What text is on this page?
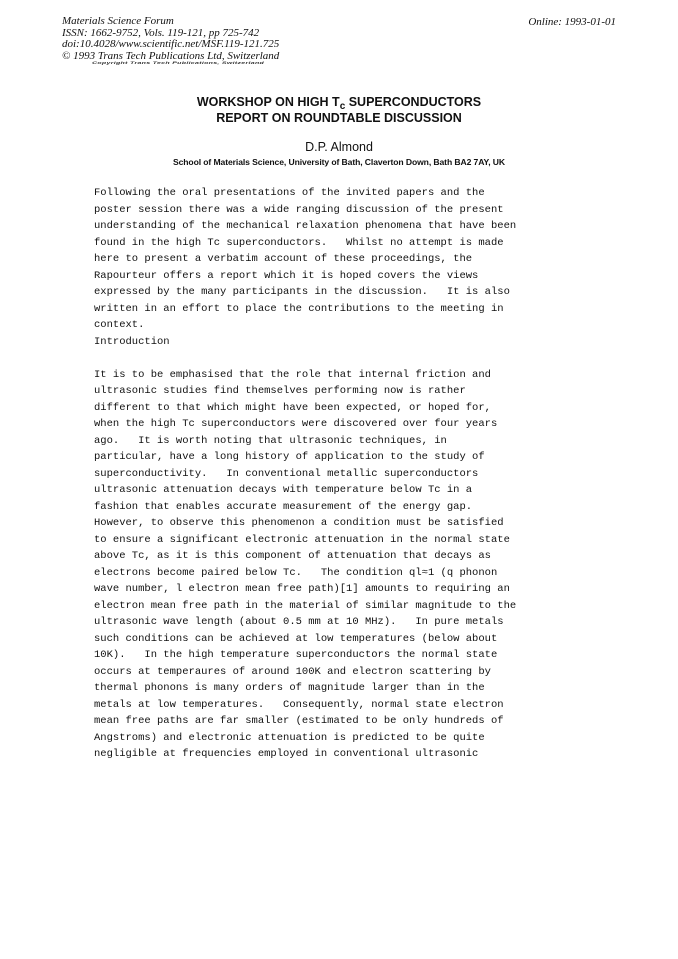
Materials Science Forum
ISSN: 1662-9752, Vols. 119-121, pp 725-742
doi:10.4028/www.scientific.net/MSF.119-121.725
© 1993 Trans Tech Publications Ltd, Switzerland
Online: 1993-01-01
Copyright Trans Tech Publications, Switzerland
WORKSHOP ON HIGH $T_c$ SUPERCONDUCTORS
REPORT ON ROUNDTABLE DISCUSSION
D.P. Almond
School of Materials Science, University of Bath, Claverton Down, Bath BA2 7AY, UK
Following the oral presentations of the invited papers and the
poster session there was a wide ranging discussion of the present
understanding of the mechanical relaxation phenomena that have been
found in the high Tc superconductors.   Whilst no attempt is made
here to present a verbatim account of these proceedings, the
Rapourteur offers a report which it is hoped covers the views
expressed by the many participants in the discussion.   It is also
written in an effort to place the contributions to the meeting in
context.
Introduction
It is to be emphasised that the role that internal friction and
ultrasonic studies find themselves performing now is rather
different to that which might have been expected, or hoped for,
when the high Tc superconductors were discovered over four years
ago.   It is worth noting that ultrasonic techniques, in
particular, have a long history of application to the study of
superconductivity.   In conventional metallic superconductors
ultrasonic attenuation decays with temperature below Tc in a
fashion that enables accurate measurement of the energy gap.
However, to observe this phenomenon a condition must be satisfied
to ensure a significant electronic attenuation in the normal state
above Tc, as it is this component of attenuation that decays as
electrons become paired below Tc.   The condition ql≈1 (q phonon
wave number, l electron mean free path)[1] amounts to requiring an
electron mean free path in the material of similar magnitude to the
ultrasonic wave length (about 0.5 mm at 10 MHz).   In pure metals
such conditions can be achieved at low temperatures (below about
10K).   In the high temperature superconductors the normal state
occurs at temperaures of around 100K and electron scattering by
thermal phonons is many orders of magnitude larger than in the
metals at low temperatures.   Consequently, normal state electron
mean free paths are far smaller (estimated to be only hundreds of
Angstroms) and electronic attenuation is predicted to be quite
negligible at frequencies employed in conventional ultrasonic
